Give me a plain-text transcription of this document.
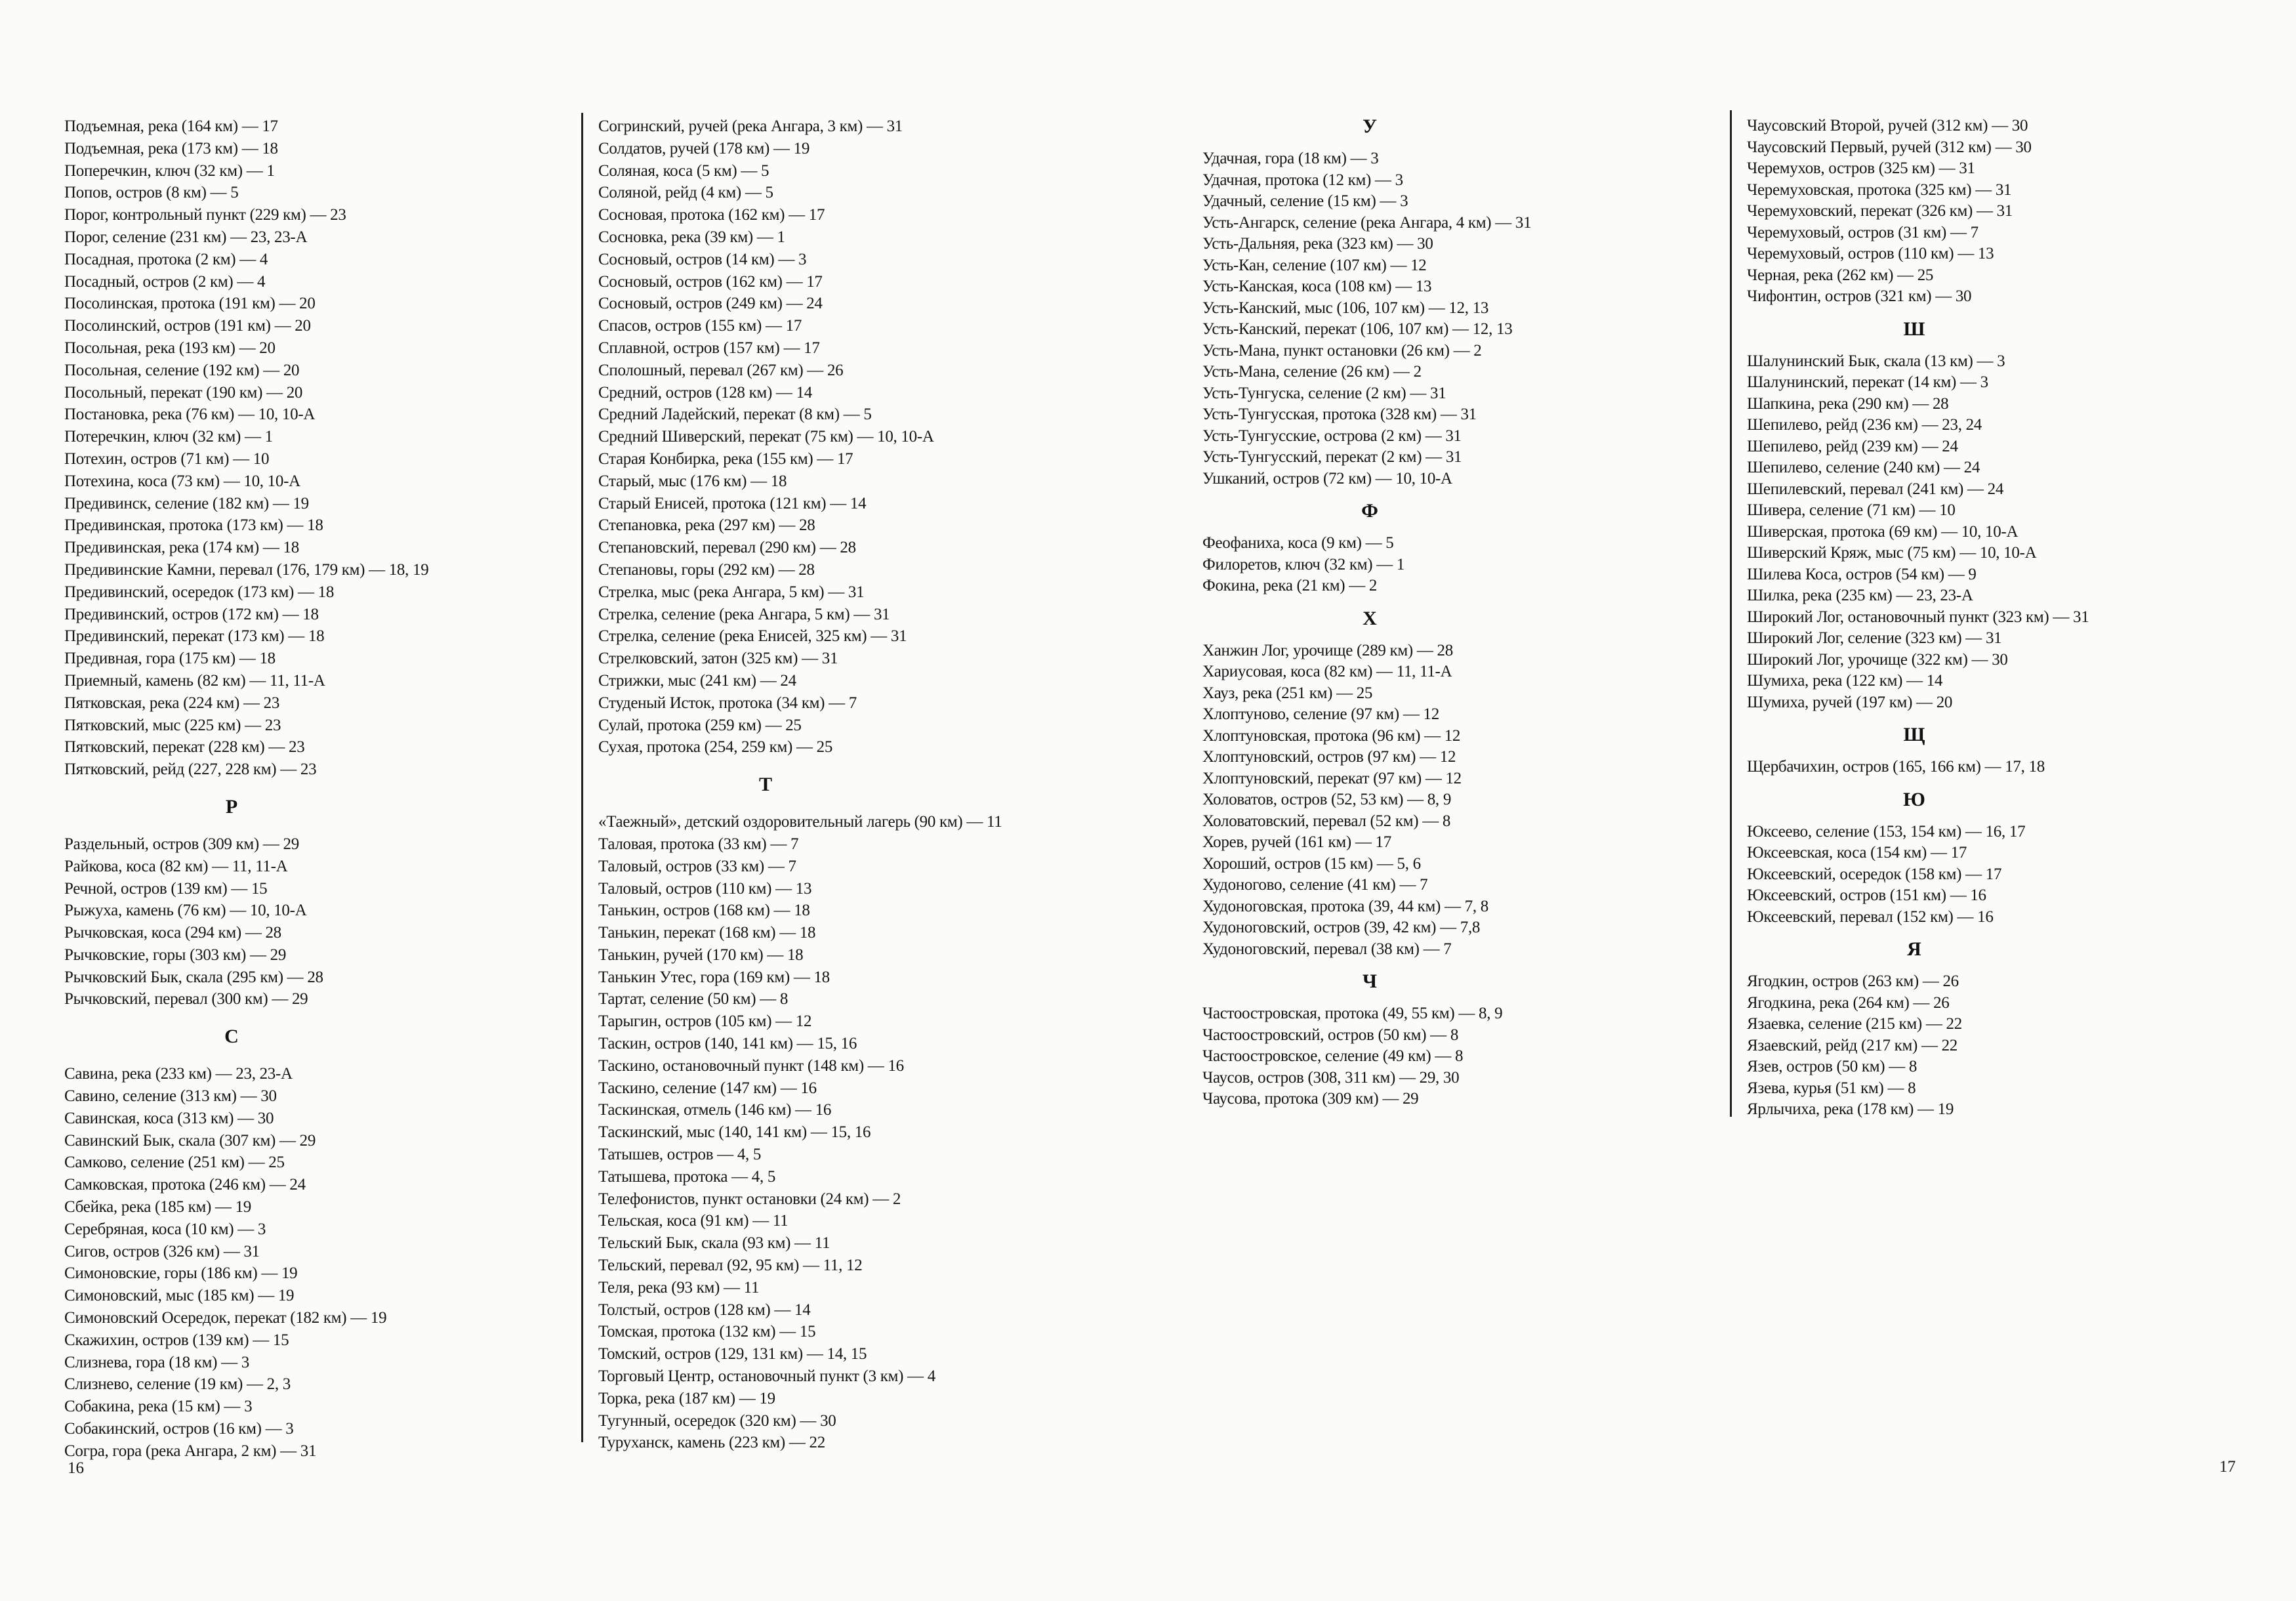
Подъемная, река (164 км) — 17
Подъемная, река (173 км) — 18
Поперечкин, ключ (32 км) — 1
Попов, остров (8 км) — 5
Порог, контрольный пункт (229 км) — 23
Порог, селение (231 км) — 23, 23-А
Посадная, протока (2 км) — 4
Посадный, остров (2 км) — 4
Посолинская, протока (191 км) — 20
Посолинский, остров (191 км) — 20
Посольная, река (193 км) — 20
Посольная, селение (192 км) — 20
Посольный, перекат (190 км) — 20
Постановка, река (76 км) — 10, 10-А
Потеречкин, ключ (32 км) — 1
Потехин, остров (71 км) — 10
Потехина, коса (73 км) — 10, 10-А
Предивинск, селение (182 км) — 19
Предивинская, протока (173 км) — 18
Предивинская, река (174 км) — 18
Предивинские Камни, перевал (176, 179 км) — 18, 19
Предивинский, осередок (173 км) — 18
Предивинский, остров (172 км) — 18
Предивинский, перекат (173 км) — 18
Предивная, гора (175 км) — 18
Приемный, камень (82 км) — 11, 11-А
Пятковская, река (224 км) — 23
Пятковский, мыс (225 км) — 23
Пятковский, перекат (228 км) — 23
Пятковский, рейд (227, 228 км) — 23
Р
Раздельный, остров (309 км) — 29
Райкова, коса (82 км) — 11, 11-А
Речной, остров (139 км) — 15
Рыжуха, камень (76 км) — 10, 10-А
Рычковская, коса (294 км) — 28
Рычковские, горы (303 км) — 29
Рычковский Бык, скала (295 км) — 28
Рычковский, перевал (300 км) — 29
С
Савина, река (233 км) — 23, 23-А
Савино, селение (313 км) — 30
Савинская, коса (313 км) — 30
Савинский Бык, скала (307 км) — 29
Самково, селение (251 км) — 25
Самковская, протока (246 км) — 24
Сбейка, река (185 км) — 19
Серебряная, коса (10 км) — 3
Сигов, остров (326 км) — 31
Симоновские, горы (186 км) — 19
Симоновский, мыс (185 км) — 19
Симоновский Осередок, перекат (182 км) — 19
Скажихин, остров (139 км) — 15
Слизнева, гора (18 км) — 3
Слизнево, селение (19 км) — 2, 3
Собакина, река (15 км) — 3
Собакинский, остров (16 км) — 3
Согра, гора (река Ангара, 2 км) — 31
Согринский, ручей (река Ангара, 3 км) — 31
Солдатов, ручей (178 км) — 19
Соляная, коса (5 км) — 5
Соляной, рейд (4 км) — 5
Сосновая, протока (162 км) — 17
Сосновка, река (39 км) — 1
Сосновый, остров (14 км) — 3
Сосновый, остров (162 км) — 17
Сосновый, остров (249 км) — 24
Спасов, остров (155 км) — 17
Сплавной, остров (157 км) — 17
Сполошный, перевал (267 км) — 26
Средний, остров (128 км) — 14
Средний Ладейский, перекат (8 км) — 5
Средний Шиверский, перекат (75 км) — 10, 10-А
Старая Конбирка, река (155 км) — 17
Старый, мыс (176 км) — 18
Старый Енисей, протока (121 км) — 14
Степановка, река (297 км) — 28
Степановский, перевал (290 км) — 28
Степановы, горы (292 км) — 28
Стрелка, мыс (река Ангара, 5 км) — 31
Стрелка, селение (река Ангара, 5 км) — 31
Стрелка, селение (река Енисей, 325 км) — 31
Стрелковский, затон (325 км) — 31
Стрижки, мыс (241 км) — 24
Студеный Исток, протока (34 км) — 7
Сулай, протока (259 км) — 25
Сухая, протока (254, 259 км) — 25
Т
«Таежный», детский оздоровительный лагерь (90 км) — 11
Таловая, протока (33 км) — 7
Таловый, остров (33 км) — 7
Таловый, остров (110 км) — 13
Танькин, остров (168 км) — 18
Танькин, перекат (168 км) — 18
Танькин, ручей (170 км) — 18
Танькин Утес, гора (169 км) — 18
Тартат, селение (50 км) — 8
Тарыгин, остров (105 км) — 12
Таскин, остров (140, 141 км) — 15, 16
Таскино, остановочный пункт (148 км) — 16
Таскино, селение (147 км) — 16
Таскинская, отмель (146 км) — 16
Таскинский, мыс (140, 141 км) — 15, 16
Татышев, остров — 4, 5
Татышева, протока — 4, 5
Телефонистов, пункт остановки (24 км) — 2
Тельская, коса (91 км) — 11
Тельский Бык, скала (93 км) — 11
Тельский, перевал (92, 95 км) — 11, 12
Теля, река (93 км) — 11
Толстый, остров (128 км) — 14
Томская, протока (132 км) — 15
Томский, остров (129, 131 км) — 14, 15
Торговый Центр, остановочный пункт (3 км) — 4
Торка, река (187 км) — 19
Тугунный, осередок (320 км) — 30
Туруханск, камень (223 км) — 22
У
Удачная, гора (18 км) — 3
Удачная, протока (12 км) — 3
Удачный, селение (15 км) — 3
Усть-Ангарск, селение (река Ангара, 4 км) — 31
Усть-Дальняя, река (323 км) — 30
Усть-Кан, селение (107 км) — 12
Усть-Канская, коса (108 км) — 13
Усть-Канский, мыс (106, 107 км) — 12, 13
Усть-Канский, перекат (106, 107 км) — 12, 13
Усть-Мана, пункт остановки (26 км) — 2
Усть-Мана, селение (26 км) — 2
Усть-Тунгуска, селение (2 км) — 31
Усть-Тунгусская, протока (328 км) — 31
Усть-Тунгусские, острова (2 км) — 31
Усть-Тунгусский, перекат (2 км) — 31
Ушканий, остров (72 км) — 10, 10-А
Ф
Феофаниха, коса (9 км) — 5
Филоретов, ключ (32 км) — 1
Фокина, река (21 км) — 2
Х
Ханжин Лог, урочище (289 км) — 28
Хариусовая, коса (82 км) — 11, 11-А
Хауз, река (251 км) — 25
Хлоптуново, селение (97 км) — 12
Хлоптуновская, протока (96 км) — 12
Хлоптуновский, остров (97 км) — 12
Хлоптуновский, перекат (97 км) — 12
Холоватов, остров (52, 53 км) — 8, 9
Холоватовский, перевал (52 км) — 8
Хорев, ручей (161 км) — 17
Хороший, остров (15 км) — 5, 6
Худоногово, селение (41 км) — 7
Худоноговская, протока (39, 44 км) — 7, 8
Худоноговский, остров (39, 42 км) — 7,8
Худоноговский, перевал (38 км) — 7
Ч
Частоостровская, протока (49, 55 км) — 8, 9
Частоостровский, остров (50 км) — 8
Частоостровское, селение (49 км) — 8
Чаусов, остров (308, 311 км) — 29, 30
Чаусова, протока (309 км) — 29
Чаусовский Второй, ручей (312 км) — 30
Чаусовский Первый, ручей (312 км) — 30
Черемухов, остров (325 км) — 31
Черемуховская, протока (325 км) — 31
Черемуховский, перекат (326 км) — 31
Черемуховый, остров (31 км) — 7
Черемуховый, остров (110 км) — 13
Черная, река (262 км) — 25
Чифонтин, остров (321 км) — 30
Ш
Шалунинский Бык, скала (13 км) — 3
Шалунинский, перекат (14 км) — 3
Шапкина, река (290 км) — 28
Шепилево, рейд (236 км) — 23, 24
Шепилево, рейд (239 км) — 24
Шепилево, селение (240 км) — 24
Шепилевский, перевал (241 км) — 24
Шивера, селение (71 км) — 10
Шиверская, протока (69 км) — 10, 10-А
Шиверский Кряж, мыс (75 км) — 10, 10-А
Шилева Коса, остров (54 км) — 9
Шилка, река (235 км) — 23, 23-А
Широкий Лог, остановочный пункт (323 км) — 31
Широкий Лог, селение (323 км) — 31
Широкий Лог, урочище (322 км) — 30
Шумиха, река (122 км) — 14
Шумиха, ручей (197 км) — 20
Щ
Щербачихин, остров (165, 166 км) — 17, 18
Ю
Юксеево, селение (153, 154 км) — 16, 17
Юксеевская, коса (154 км) — 17
Юксеевский, осередок (158 км) — 17
Юксеевский, остров (151 км) — 16
Юксеевский, перевал (152 км) — 16
Я
Ягодкин, остров (263 км) — 26
Ягодкина, река (264 км) — 26
Язаевка, селение (215 км) — 22
Язаевский, рейд (217 км) — 22
Язев, остров (50 км) — 8
Язева, курья (51 км) — 8
Ярлычиха, река (178 км) — 19
16	17
